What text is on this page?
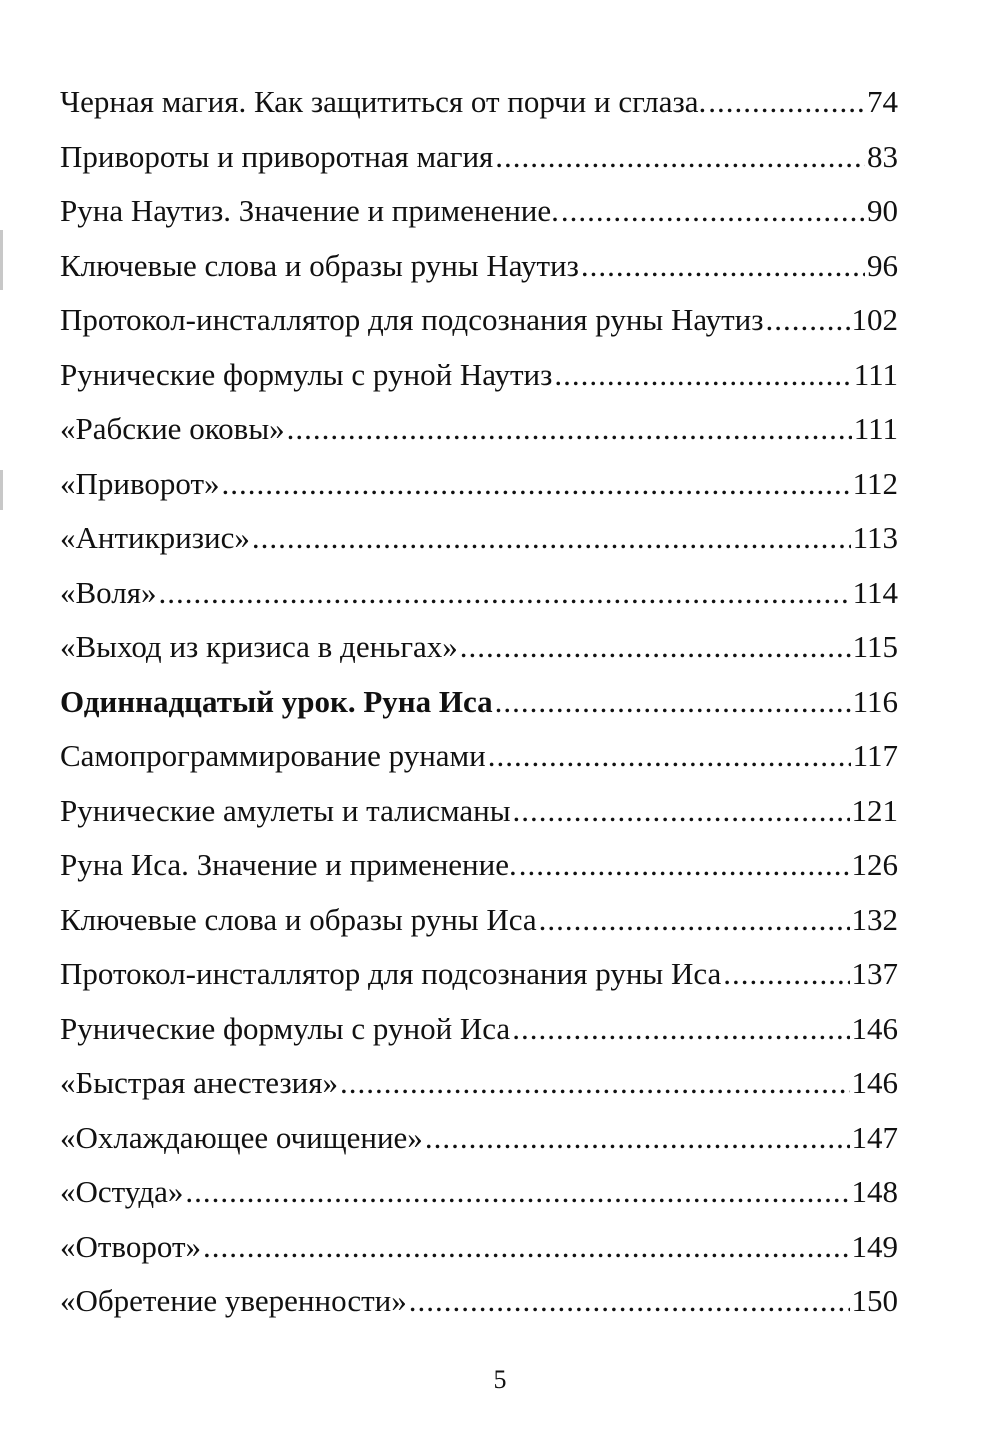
Черная магия. Как защититься от порчи и сглаза. .....	74
Привороты и приворотная магия .....	83
Руна Наутиз. Значение и применение. .....	90
Ключевые слова и образы руны Наутиз .....	96
Протокол-инсталлятор для подсознания руны Наутиз .....	102
Рунические формулы с руной Наутиз .....	111
«Рабские оковы» .....	111
«Приворот» .....	112
«Антикризис» .....	113
«Воля» .....	114
«Выход из кризиса в деньгах» .....	115
Одиннадцатый урок. Руна Иса .....	116
Самопрограммирование рунами .....	117
Рунические амулеты и талисманы .....	121
Руна Иса. Значение и применение. .....	126
Ключевые слова и образы руны Иса .....	132
Протокол-инсталлятор для подсознания руны Иса .....	137
Рунические формулы с руной Иса .....	146
«Быстрая анестезия» .....	146
«Охлаждающее очищение» .....	147
«Остуда» .....	148
«Отворот» .....	149
«Обретение уверенности» .....	150
5
